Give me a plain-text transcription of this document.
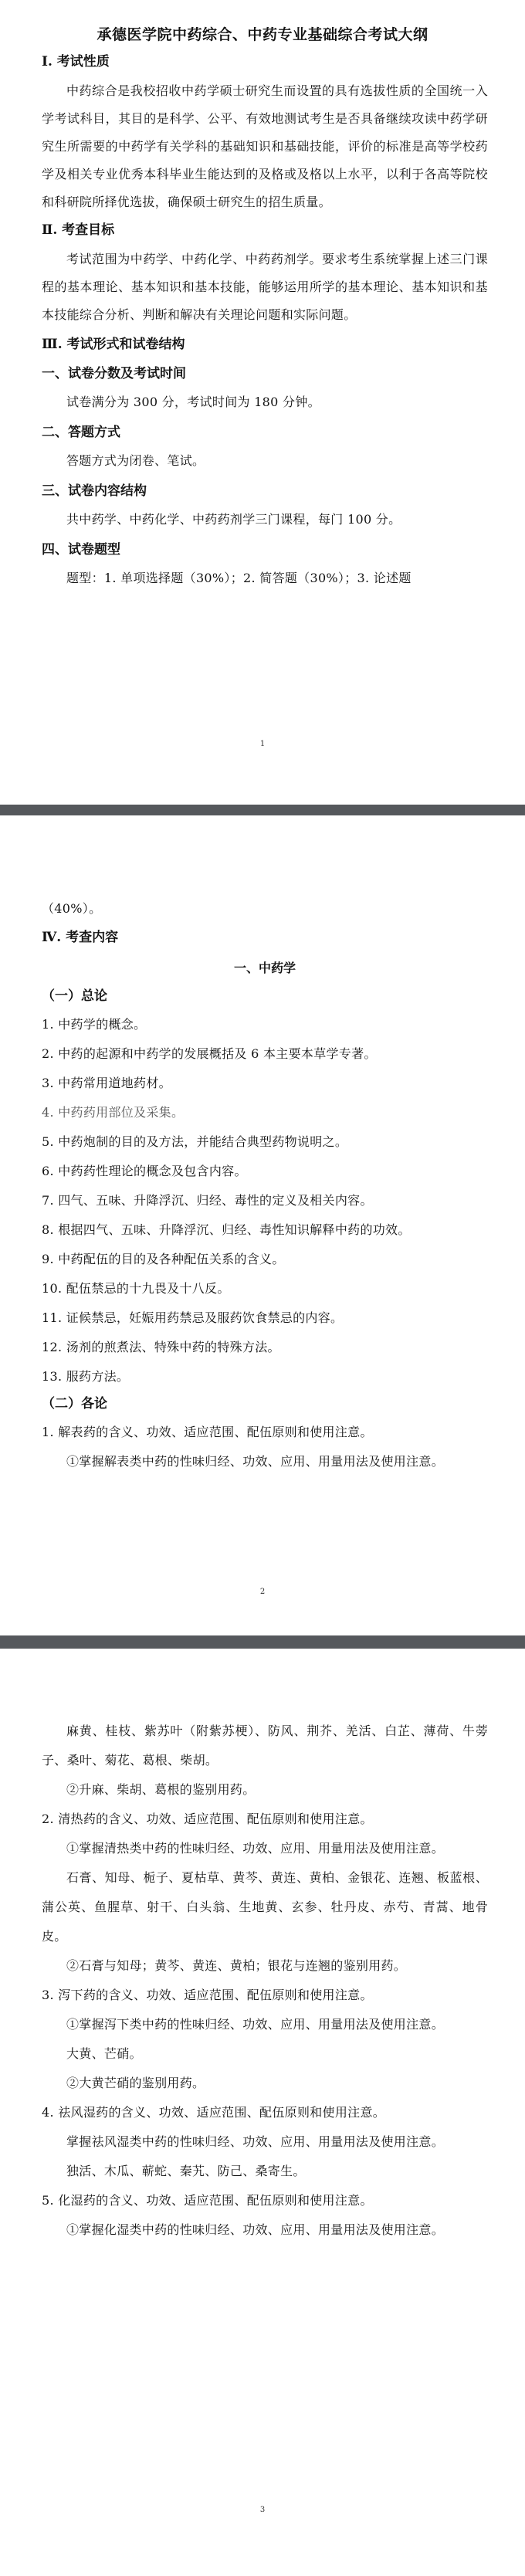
承德医学院中药综合、中药专业基础综合考试大纲

Ⅰ. 考试性质

中药综合是我校招收中药学硕士研究生而设置的具有选拔性质的全国统一入学考试科目，其目的是科学、公平、有效地测试考生是否具备继续攻读中药学研究生所需要的中药学有关学科的基础知识和基础技能，评价的标准是高等学校药学及相关专业优秀本科毕业生能达到的及格或及格以上水平，以利于各高等院校和科研院所择优选拔，确保硕士研究生的招生质量。

Ⅱ. 考查目标

考试范围为中药学、中药化学、中药药剂学。要求考生系统掌握上述三门课程的基本理论、基本知识和基本技能，能够运用所学的基本理论、基本知识和基本技能综合分析、判断和解决有关理论问题和实际问题。

Ⅲ. 考试形式和试卷结构

一、试卷分数及考试时间

试卷满分为 300 分，考试时间为 180 分钟。

二、答题方式

答题方式为闭卷、笔试。

三、试卷内容结构

共中药学、中药化学、中药药剂学三门课程，每门 100 分。

四、试卷题型

题型：1. 单项选择题（30%）；2. 简答题（30%）；3. 论述题

1

（40%）。

Ⅳ. 考查内容

一、中药学

（一）总论

1. 中药学的概念。

2. 中药的起源和中药学的发展概括及 6 本主要本草学专著。

3. 中药常用道地药材。

4. 中药药用部位及采集。

5. 中药炮制的目的及方法，并能结合典型药物说明之。

6. 中药药性理论的概念及包含内容。

7. 四气、五味、升降浮沉、归经、毒性的定义及相关内容。

8. 根据四气、五味、升降浮沉、归经、毒性知识解释中药的功效。

9. 中药配伍的目的及各种配伍关系的含义。

10. 配伍禁忌的十九畏及十八反。

11. 证候禁忌，妊娠用药禁忌及服药饮食禁忌的内容。

12. 汤剂的煎煮法、特殊中药的特殊方法。

13. 服药方法。

（二）各论

1. 解表药的含义、功效、适应范围、配伍原则和使用注意。

①掌握解表类中药的性味归经、功效、应用、用量用法及使用注意。

2

麻黄、桂枝、紫苏叶（附紫苏梗）、防风、荆芥、羌活、白芷、薄荷、牛蒡子、桑叶、菊花、葛根、柴胡。

②升麻、柴胡、葛根的鉴别用药。

2. 清热药的含义、功效、适应范围、配伍原则和使用注意。

①掌握清热类中药的性味归经、功效、应用、用量用法及使用注意。

石膏、知母、栀子、夏枯草、黄芩、黄连、黄柏、金银花、连翘、板蓝根、蒲公英、鱼腥草、射干、白头翁、生地黄、玄参、牡丹皮、赤芍、青蒿、地骨皮。

②石膏与知母；黄芩、黄连、黄柏；银花与连翘的鉴别用药。

3. 泻下药的含义、功效、适应范围、配伍原则和使用注意。

①掌握泻下类中药的性味归经、功效、应用、用量用法及使用注意。

大黄、芒硝。

②大黄芒硝的鉴别用药。

4. 祛风湿药的含义、功效、适应范围、配伍原则和使用注意。

掌握祛风湿类中药的性味归经、功效、应用、用量用法及使用注意。

独活、木瓜、蕲蛇、秦艽、防己、桑寄生。

5. 化湿药的含义、功效、适应范围、配伍原则和使用注意。

①掌握化湿类中药的性味归经、功效、应用、用量用法及使用注意。

3
